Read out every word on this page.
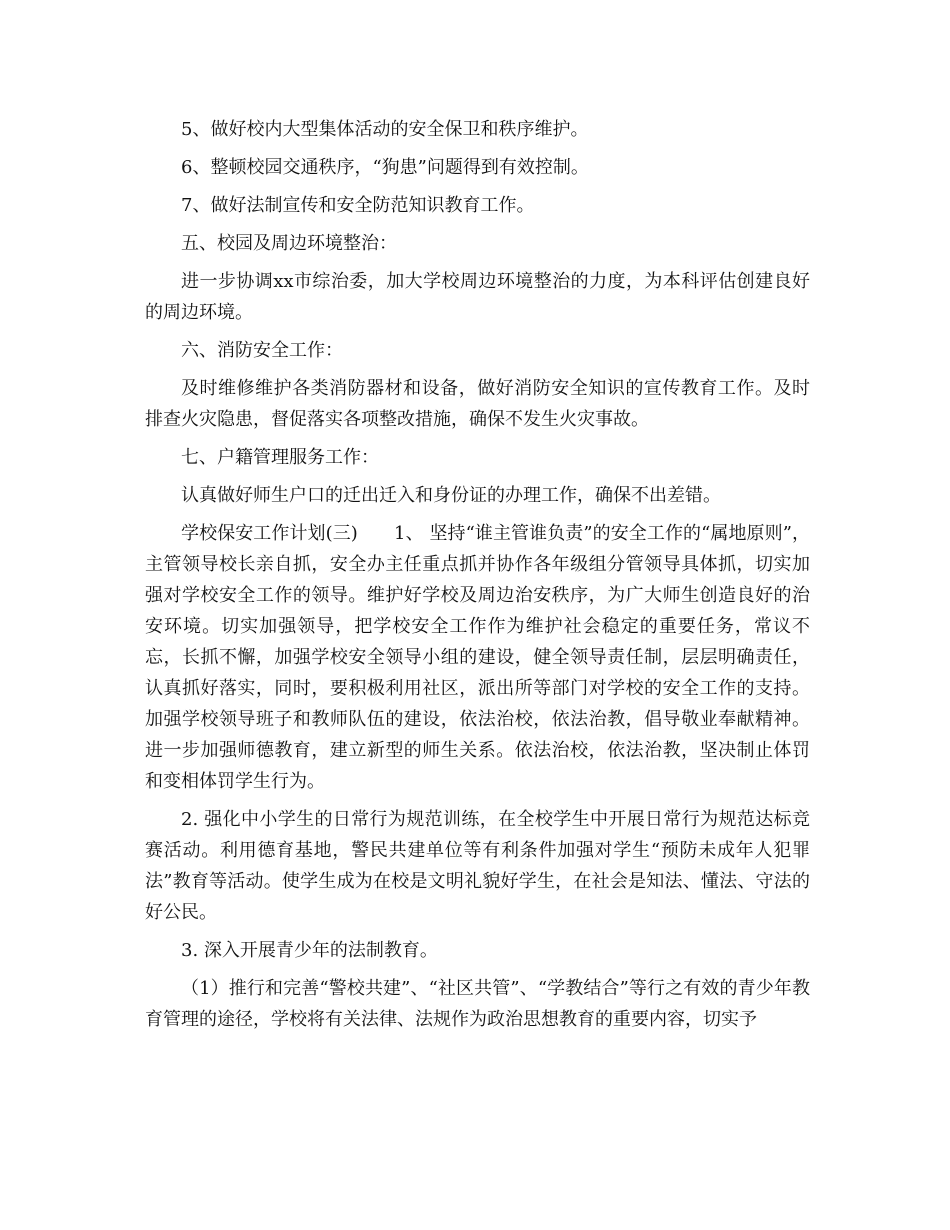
5、做好校内大型集体活动的安全保卫和秩序维护。

6、整顿校园交通秩序，“狗患”问题得到有效控制。

7、做好法制宣传和安全防范知识教育工作。

五、校园及周边环境整治：

进一步协调xx市综治委，加大学校周边环境整治的力度，为本科评估创建良好的周边环境。

六、消防安全工作：

及时维修维护各类消防器材和设备，做好消防安全知识的宣传教育工作。及时排查火灾隐患，督促落实各项整改措施，确保不发生火灾事故。

七、户籍管理服务工作：

认真做好师生户口的迁出迁入和身份证的办理工作，确保不出差错。

学校保安工作计划(三)　　1、 坚持“谁主管谁负责”的安全工作的“属地原则”，主管领导校长亲自抓，安全办主任重点抓并协作各年级组分管领导具体抓，切实加强对学校安全工作的领导。维护好学校及周边治安秩序，为广大师生创造良好的治安环境。切实加强领导，把学校安全工作作为维护社会稳定的重要任务，常议不忘，长抓不懈，加强学校安全领导小组的建设，健全领导责任制，层层明确责任，认真抓好落实，同时，要积极利用社区，派出所等部门对学校的安全工作的支持。加强学校领导班子和教师队伍的建设，依法治校，依法治教，倡导敬业奉献精神。进一步加强师德教育，建立新型的师生关系。依法治校，依法治教，坚决制止体罚和变相体罚学生行为。

2. 强化中小学生的日常行为规范训练，在全校学生中开展日常行为规范达标竞赛活动。利用德育基地，警民共建单位等有利条件加强对学生“预防未成年人犯罪法”教育等活动。使学生成为在校是文明礼貌好学生，在社会是知法、懂法、守法的好公民。

3. 深入开展青少年的法制教育。

（1）推行和完善“警校共建”、“社区共管”、“学教结合”等行之有效的青少年教育管理的途径，学校将有关法律、法规作为政治思想教育的重要内容，切实予
